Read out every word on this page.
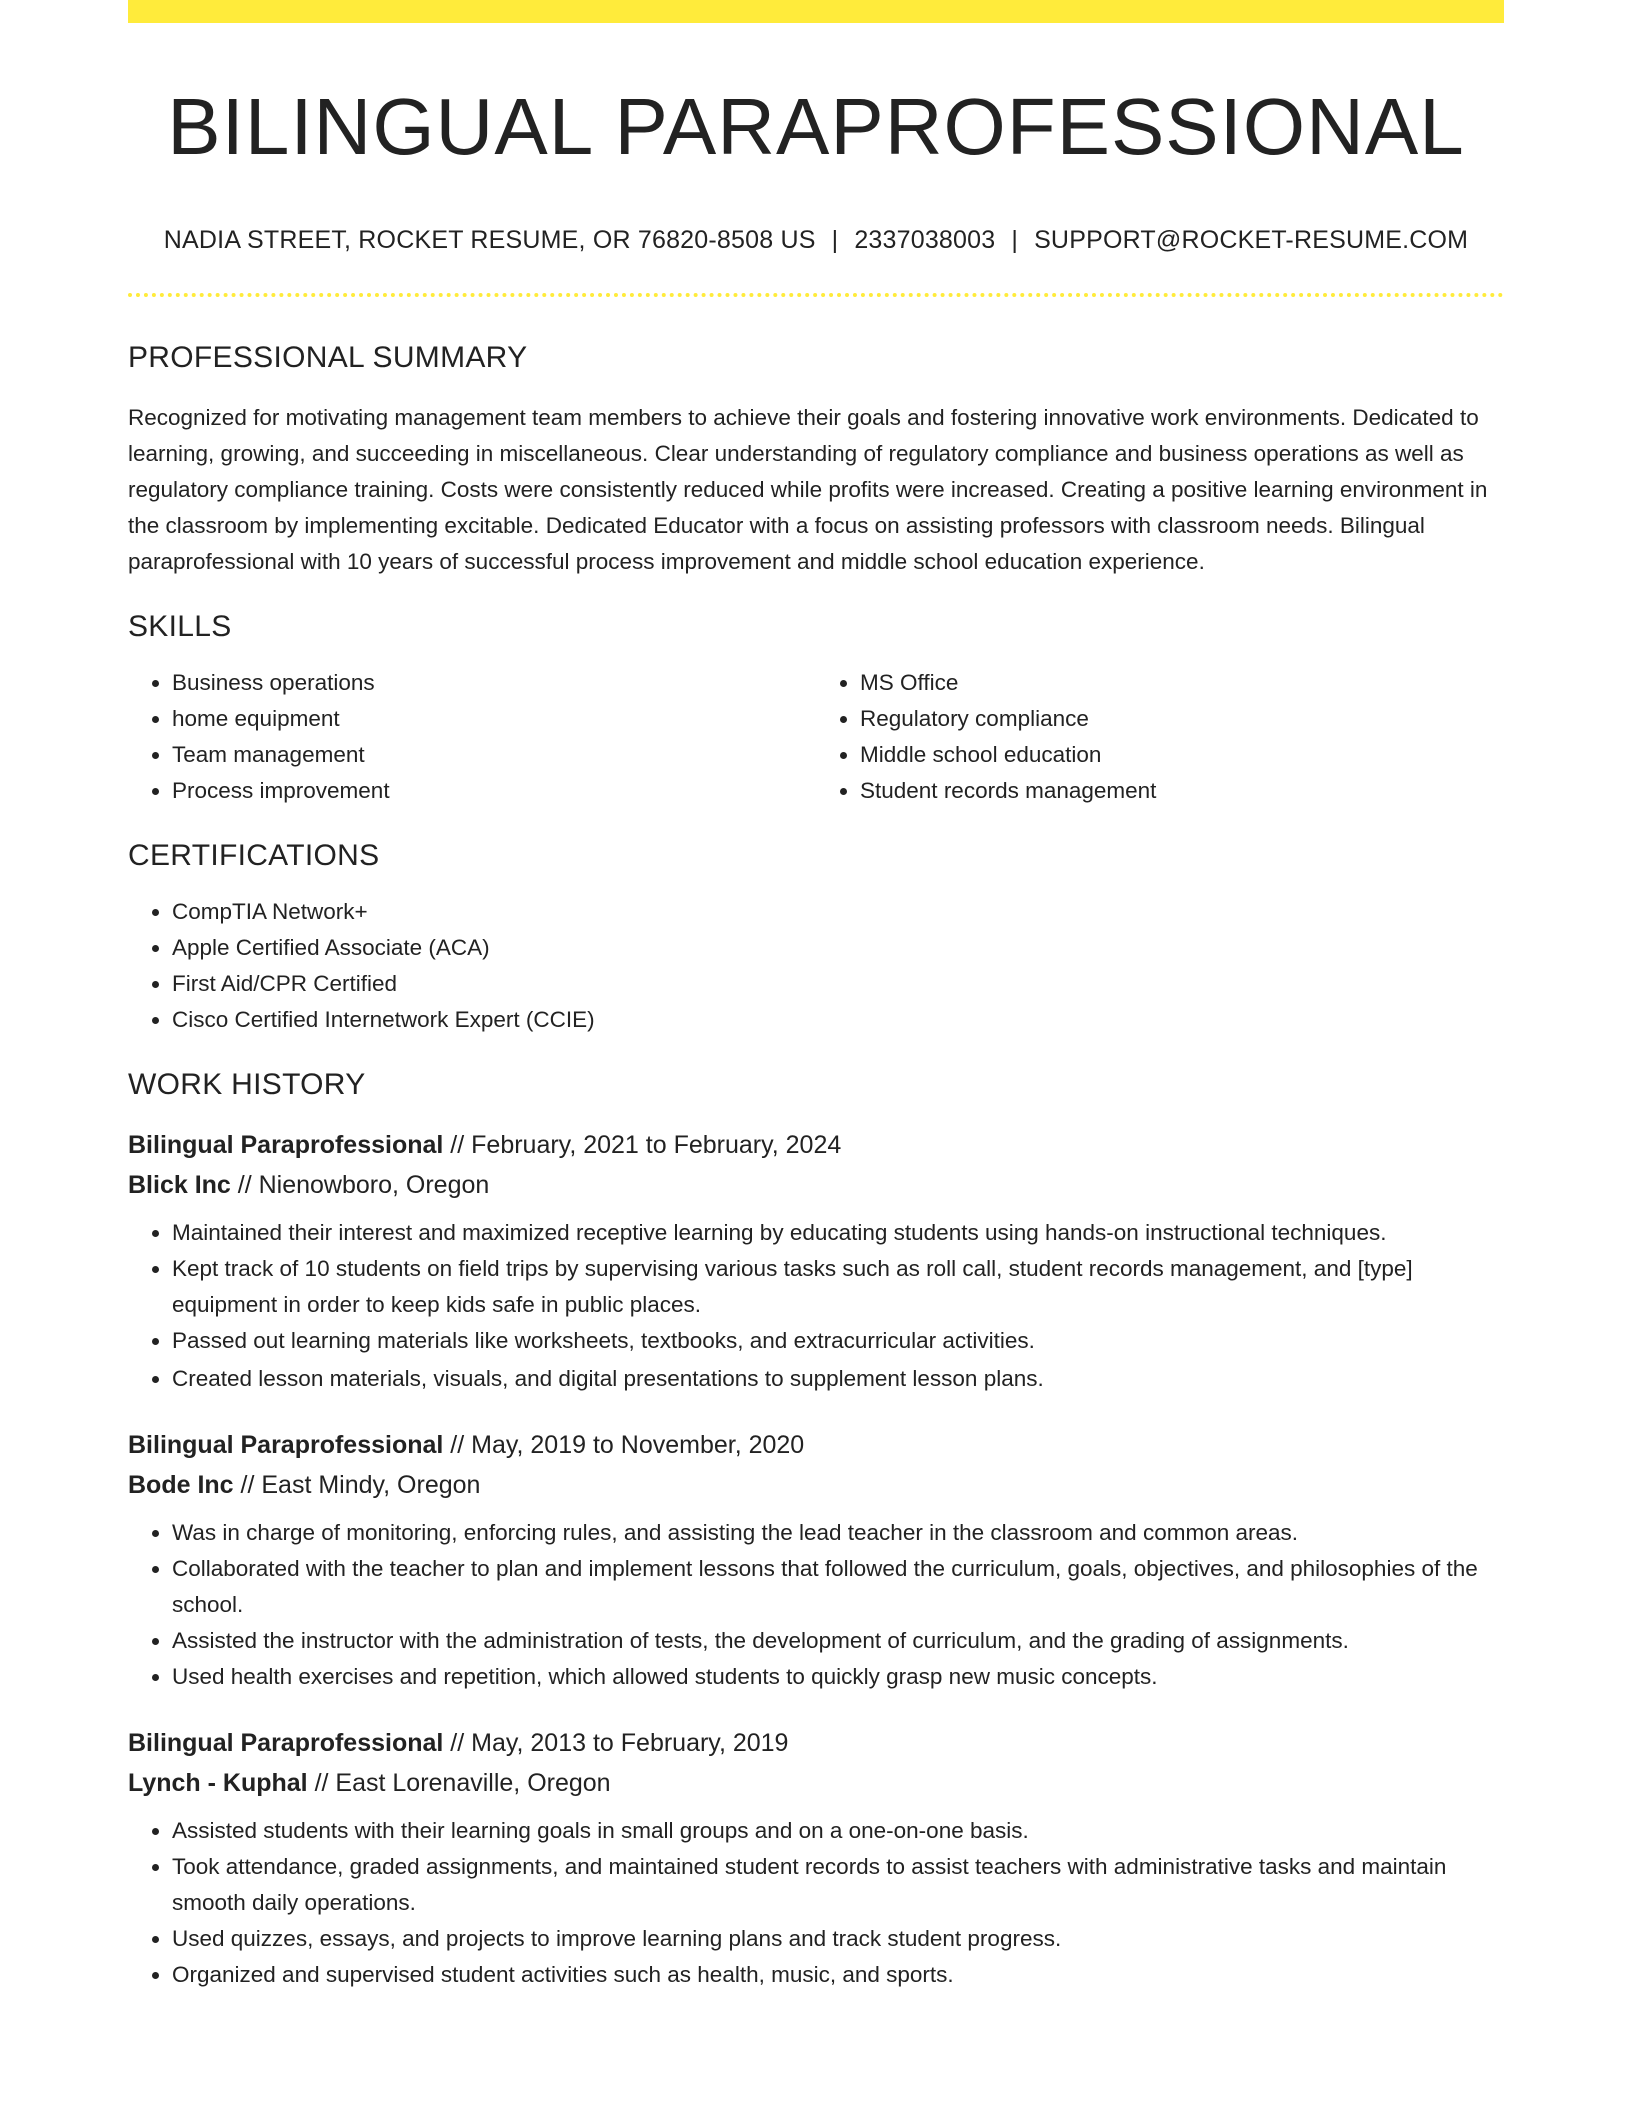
BILINGUAL PARAPROFESSIONAL
NADIA STREET, ROCKET RESUME, OR 76820-8508 US | 2337038003 | SUPPORT@ROCKET-RESUME.COM
PROFESSIONAL SUMMARY

Recognized for motivating management team members to achieve their goals and fostering innovative work environments. Dedicated to learning, growing, and succeeding in miscellaneous. Clear understanding of regulatory compliance and business operations as well as regulatory compliance training. Costs were consistently reduced while profits were increased. Creating a positive learning environment in the classroom by implementing excitable. Dedicated Educator with a focus on assisting professors with classroom needs. Bilingual paraprofessional with 10 years of successful process improvement and middle school education experience.

SKILLS
• Business operations
• home equipment
• Team management
• Process improvement
• MS Office
• Regulatory compliance
• Middle school education
• Student records management
CERTIFICATIONS
• CompTIA Network+
• Apple Certified Associate (ACA)
• First Aid/CPR Certified
• Cisco Certified Internetwork Expert (CCIE)
WORK HISTORY
Bilingual Paraprofessional // February, 2021 to February, 2024
Blick Inc // Nienowboro, Oregon
• Maintained their interest and maximized receptive learning by educating students using hands-on instructional techniques.
• Kept track of 10 students on field trips by supervising various tasks such as roll call, student records management, and [type] equipment in order to keep kids safe in public places.
• Passed out learning materials like worksheets, textbooks, and extracurricular activities.
• Created lesson materials, visuals, and digital presentations to supplement lesson plans.
Bilingual Paraprofessional // May, 2019 to November, 2020
Bode Inc // East Mindy, Oregon
• Was in charge of monitoring, enforcing rules, and assisting the lead teacher in the classroom and common areas.
• Collaborated with the teacher to plan and implement lessons that followed the curriculum, goals, objectives, and philosophies of the school.
• Assisted the instructor with the administration of tests, the development of curriculum, and the grading of assignments.
• Used health exercises and repetition, which allowed students to quickly grasp new music concepts.
Bilingual Paraprofessional // May, 2013 to February, 2019
Lynch - Kuphal // East Lorenaville, Oregon
• Assisted students with their learning goals in small groups and on a one-on-one basis.
• Took attendance, graded assignments, and maintained student records to assist teachers with administrative tasks and maintain smooth daily operations.
• Used quizzes, essays, and projects to improve learning plans and track student progress.
• Organized and supervised student activities such as health, music, and sports.
